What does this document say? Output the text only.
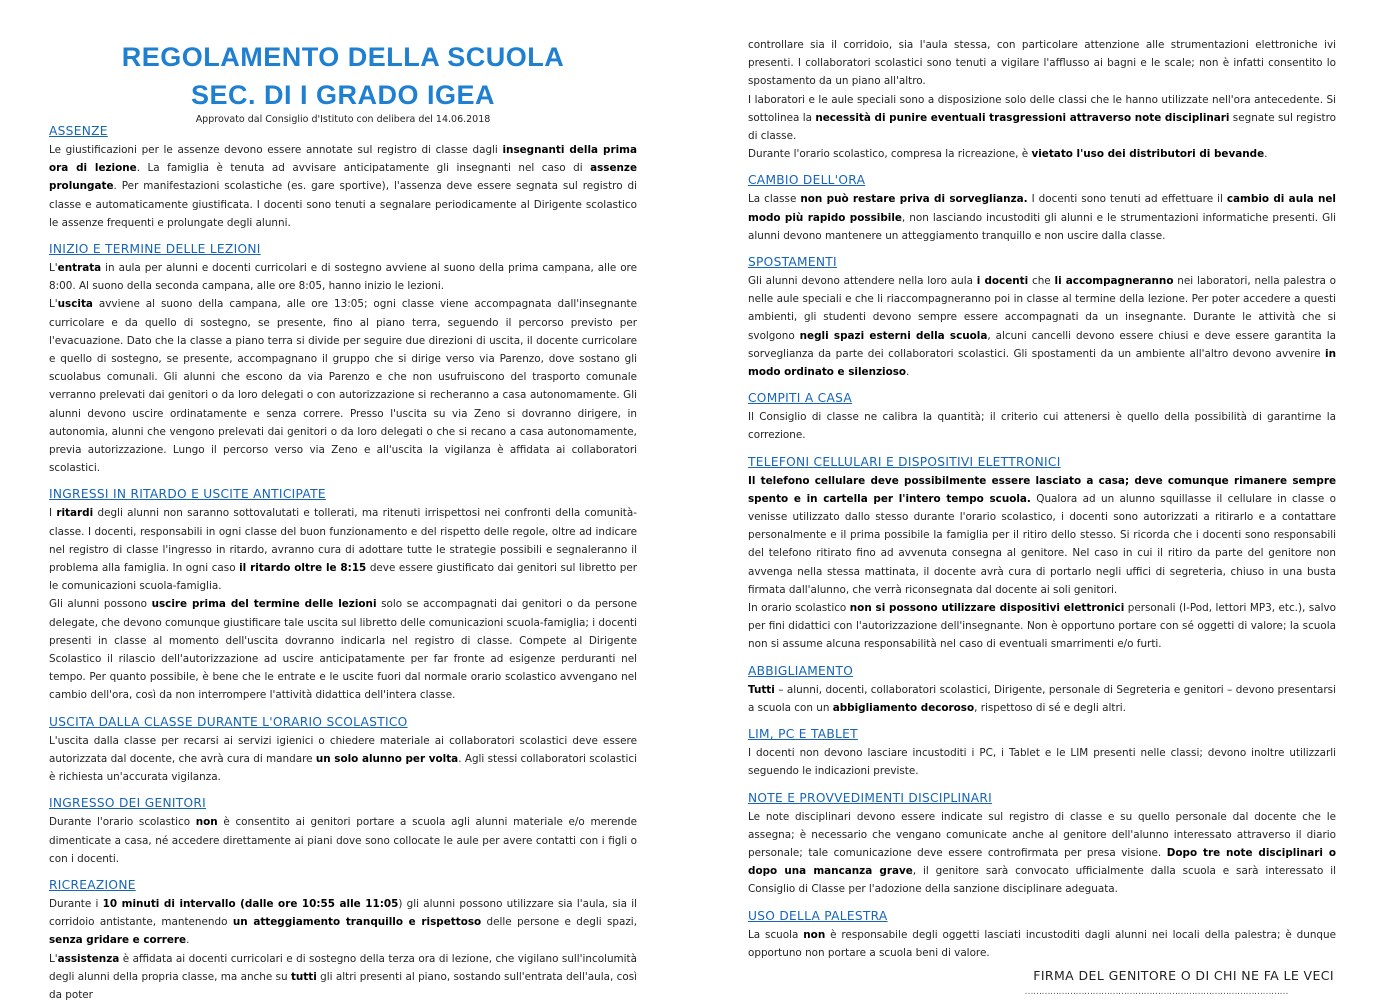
REGOLAMENTO DELLA SCUOLA
SEC. DI I GRADO IGEA
Approvato dal Consiglio d'Istituto con delibera del 14.06.2018
ASSENZE

Le giustificazioni per le assenze devono essere annotate sul registro di classe dagli insegnanti della prima ora di lezione. La famiglia è tenuta ad avvisare anticipatamente gli insegnanti nel caso di assenze prolungate. Per manifestazioni scolastiche (es. gare sportive), l'assenza deve essere segnata sul registro di classe e automaticamente giustificata. I docenti sono tenuti a segnalare periodicamente al Dirigente scolastico le assenze frequenti e prolungate degli alunni.

INIZIO E TERMINE DELLE LEZIONI

L'entrata in aula per alunni e docenti curricolari e di sostegno avviene al suono della prima campana, alle ore 8:00. Al suono della seconda campana, alle ore 8:05, hanno inizio le lezioni.

L'uscita avviene al suono della campana, alle ore 13:05; ogni classe viene accompagnata dall'insegnante curricolare e da quello di sostegno, se presente, fino al piano terra, seguendo il percorso previsto per l'evacuazione. Dato che la classe a piano terra si divide per seguire due direzioni di uscita, il docente curricolare e quello di sostegno, se presente, accompagnano il gruppo che si dirige verso via Parenzo, dove sostano gli scuolabus comunali. Gli alunni che escono da via Parenzo e che non usufruiscono del trasporto comunale verranno prelevati dai genitori o da loro delegati o con autorizzazione si recheranno a casa autonomamente. Gli alunni devono uscire ordinatamente e senza correre. Presso l'uscita su via Zeno si dovranno dirigere, in autonomia, alunni che vengono prelevati dai genitori o da loro delegati o che si recano a casa autonomamente, previa autorizzazione. Lungo il percorso verso via Zeno e all'uscita la vigilanza è affidata ai collaboratori scolastici.

INGRESSI IN RITARDO E USCITE ANTICIPATE

I ritardi degli alunni non saranno sottovalutati e tollerati, ma ritenuti irrispettosi nei confronti della comunità-classe. I docenti, responsabili in ogni classe del buon funzionamento e del rispetto delle regole, oltre ad indicare nel registro di classe l'ingresso in ritardo, avranno cura di adottare tutte le strategie possibili e segnaleranno il problema alla famiglia. In ogni caso il ritardo oltre le 8:15 deve essere giustificato dai genitori sul libretto per le comunicazioni scuola-famiglia.

Gli alunni possono uscire prima del termine delle lezioni solo se accompagnati dai genitori o da persone delegate, che devono comunque giustificare tale uscita sul libretto delle comunicazioni scuola-famiglia; i docenti presenti in classe al momento dell'uscita dovranno indicarla nel registro di classe. Compete al Dirigente Scolastico il rilascio dell'autorizzazione ad uscire anticipatamente per far fronte ad esigenze perduranti nel tempo. Per quanto possibile, è bene che le entrate e le uscite fuori dal normale orario scolastico avvengano nel cambio dell'ora, così da non interrompere l'attività didattica dell'intera classe.

USCITA DALLA CLASSE DURANTE L'ORARIO SCOLASTICO

L'uscita dalla classe per recarsi ai servizi igienici o chiedere materiale ai collaboratori scolastici deve essere autorizzata dal docente, che avrà cura di mandare un solo alunno per volta. Agli stessi collaboratori scolastici è richiesta un'accurata vigilanza.

INGRESSO DEI GENITORI

Durante l'orario scolastico non è consentito ai genitori portare a scuola agli alunni materiale e/o merende dimenticate a casa, né accedere direttamente ai piani dove sono collocate le aule per avere contatti con i figli o con i docenti.

RICREAZIONE

Durante i 10 minuti di intervallo (dalle ore 10:55 alle 11:05) gli alunni possono utilizzare sia l'aula, sia il corridoio antistante, mantenendo un atteggiamento tranquillo e rispettoso delle persone e degli spazi, senza gridare e correre.

L'assistenza è affidata ai docenti curricolari e di sostegno della terza ora di lezione, che vigilano sull'incolumità degli alunni della propria classe, ma anche su tutti gli altri presenti al piano, sostando sull'entrata dell'aula, così da poter

controllare sia il corridoio, sia l'aula stessa, con particolare attenzione alle strumentazioni elettroniche ivi presenti. I collaboratori scolastici sono tenuti a vigilare l'afflusso ai bagni e le scale; non è infatti consentito lo spostamento da un piano all'altro.

I laboratori e le aule speciali sono a disposizione solo delle classi che le hanno utilizzate nell'ora antecedente. Si sottolinea la necessità di punire eventuali trasgressioni attraverso note disciplinari segnate sul registro di classe.

Durante l'orario scolastico, compresa la ricreazione, è vietato l'uso dei distributori di bevande.

CAMBIO DELL'ORA

La classe non può restare priva di sorveglianza. I docenti sono tenuti ad effettuare il cambio di aula nel modo più rapido possibile, non lasciando incustoditi gli alunni e le strumentazioni informatiche presenti. Gli alunni devono mantenere un atteggiamento tranquillo e non uscire dalla classe.

SPOSTAMENTI

Gli alunni devono attendere nella loro aula i docenti che li accompagneranno nei laboratori, nella palestra o nelle aule speciali e che li riaccompagneranno poi in classe al termine della lezione. Per poter accedere a questi ambienti, gli studenti devono sempre essere accompagnati da un insegnante. Durante le attività che si svolgono negli spazi esterni della scuola, alcuni cancelli devono essere chiusi e deve essere garantita la sorveglianza da parte dei collaboratori scolastici. Gli spostamenti da un ambiente all'altro devono avvenire in modo ordinato e silenzioso.

COMPITI A CASA

Il Consiglio di classe ne calibra la quantità; il criterio cui attenersi è quello della possibilità di garantirne la correzione.

TELEFONI CELLULARI E DISPOSITIVI ELETTRONICI

Il telefono cellulare deve possibilmente essere lasciato a casa; deve comunque rimanere sempre spento e in cartella per l'intero tempo scuola. Qualora ad un alunno squillasse il cellulare in classe o venisse utilizzato dallo stesso durante l'orario scolastico, i docenti sono autorizzati a ritirarlo e a contattare personalmente e il prima possibile la famiglia per il ritiro dello stesso. Si ricorda che i docenti sono responsabili del telefono ritirato fino ad avvenuta consegna al genitore. Nel caso in cui il ritiro da parte del genitore non avvenga nella stessa mattinata, il docente avrà cura di portarlo negli uffici di segreteria, chiuso in una busta firmata dall'alunno, che verrà riconsegnata dal docente ai soli genitori.

In orario scolastico non si possono utilizzare dispositivi elettronici personali (I-Pod, lettori MP3, etc.), salvo per fini didattici con l'autorizzazione dell'insegnante. Non è opportuno portare con sé oggetti di valore; la scuola non si assume alcuna responsabilità nel caso di eventuali smarrimenti e/o furti.

ABBIGLIAMENTO

Tutti – alunni, docenti, collaboratori scolastici, Dirigente, personale di Segreteria e genitori – devono presentarsi a scuola con un abbigliamento decoroso, rispettoso di sé e degli altri.

LIM, PC E TABLET

I docenti non devono lasciare incustoditi i PC, i Tablet e le LIM presenti nelle classi; devono inoltre utilizzarli seguendo le indicazioni previste.

NOTE E PROVVEDIMENTI DISCIPLINARI

Le note disciplinari devono essere indicate sul registro di classe e su quello personale dal docente che le assegna; è necessario che vengano comunicate anche al genitore dell'alunno interessato attraverso il diario personale; tale comunicazione deve essere controfirmata per presa visione. Dopo tre note disciplinari o dopo una mancanza grave, il genitore sarà convocato ufficialmente dalla scuola e sarà interessato il Consiglio di Classe per l'adozione della sanzione disciplinare adeguata.

USO DELLA PALESTRA

La scuola non è responsabile degli oggetti lasciati incustoditi dagli alunni nei locali della palestra; è dunque opportuno non portare a scuola beni di valore.

FIRMA DEL GENITORE O DI CHI NE FA LE VECI
…………………………………………………………………………………
